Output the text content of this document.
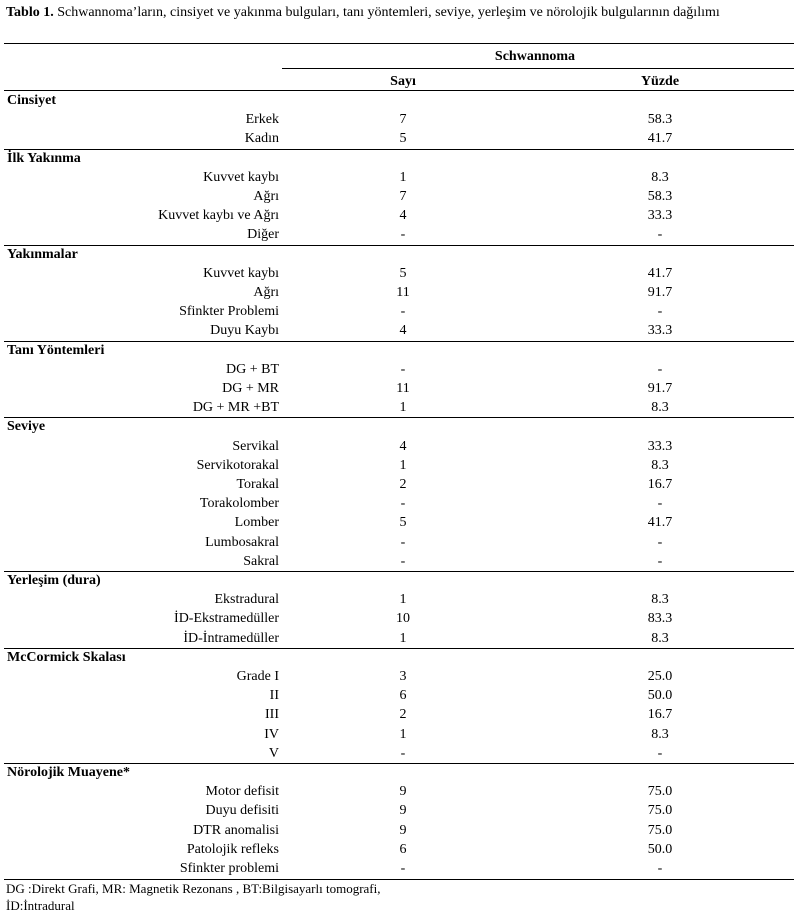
Tablo 1. Schwannoma’ların, cinsiyet ve yakınma bulguları, tanı yöntemleri, seviye, yerleşim ve nörolojik bulgularının dağılımı
Schwannoma
Sayı	Yüzde
Cinsiyet
Erkek	7	58.3
Kadın	5	41.7
İlk Yakınma
Kuvvet kaybı	1	8.3
Ağrı	7	58.3
Kuvvet kaybı ve Ağrı	4	33.3
Diğer	-	-
Yakınmalar
Kuvvet kaybı	5	41.7
Ağrı	11	91.7
Sfinkter Problemi	-	-
Duyu Kaybı	4	33.3
Tanı Yöntemleri
DG + BT	-	-
DG + MR	11	91.7
DG + MR +BT	1	8.3
Seviye
Servikal	4	33.3
Servikotorakal	1	8.3
Torakal	2	16.7
Torakolomber	-	-
Lomber	5	41.7
Lumbosakral	-	-
Sakral	-	-
Yerleşim (dura)
Ekstradural	1	8.3
İD-Ekstramedüller	10	83.3
İD-İntramedüller	1	8.3
McCormick Skalası
Grade I	3	25.0
II	6	50.0
III	2	16.7
IV	1	8.3
V	-	-
Nörolojik Muayene*
Motor defisit	9	75.0
Duyu defisiti	9	75.0
DTR anomalisi	9	75.0
Patolojik refleks	6	50.0
Sfinkter problemi	-	-
DG :Direkt Grafi, MR: Magnetik Rezonans , BT:Bilgisayarlı tomografi,
İD:İntradural
